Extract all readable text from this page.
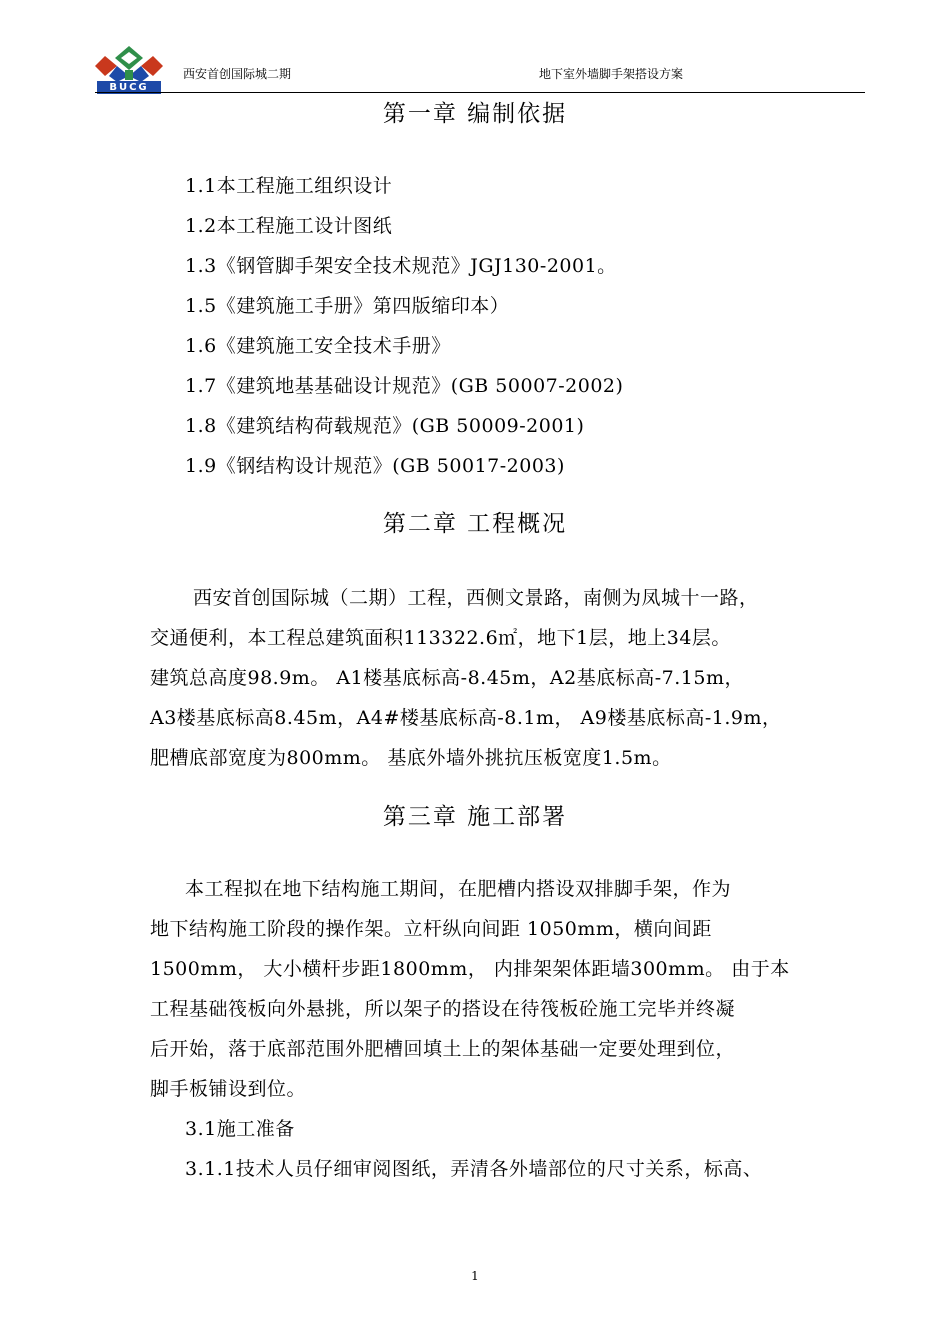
BUCG
西安首创国际城二期	地下室外墙脚手架搭设方案
第一章 编制依据
1.1本工程施工组织设计
1.2本工程施工设计图纸
1.3《钢管脚手架安全技术规范》JGJ130-2001。
1.5《建筑施工手册》第四版缩印本）
1.6《建筑施工安全技术手册》
1.7《建筑地基基础设计规范》(GB 50007-2002)
1.8《建筑结构荷载规范》(GB 50009-2001)
1.9《钢结构设计规范》(GB 50017-2003)
第二章 工程概况
西安首创国际城（二期）工程，西侧文景路，南侧为凤城十一路，
交通便利，本工程总建筑面积113322.6㎡，地下1层，地上34层。
建筑总高度98.9m。 A1楼基底标高-8.45m，A2基底标高-7.15m，
A3楼基底标高8.45m，A4#楼基底标高-8.1m， A9楼基底标高-1.9m，
肥槽底部宽度为800mm。 基底外墙外挑抗压板宽度1.5m。
第三章 施工部署
本工程拟在地下结构施工期间，在肥槽内搭设双排脚手架，作为
地下结构施工阶段的操作架。立杆纵向间距 1050mm，横向间距
1500mm， 大小横杆步距1800mm， 内排架架体距墙300mm。 由于本
工程基础筏板向外悬挑，所以架子的搭设在待筏板砼施工完毕并终凝
后开始，落于底部范围外肥槽回填土上的架体基础一定要处理到位，
脚手板铺设到位。
3.1施工准备
3.1.1技术人员仔细审阅图纸，弄清各外墙部位的尺寸关系，标高、
1
